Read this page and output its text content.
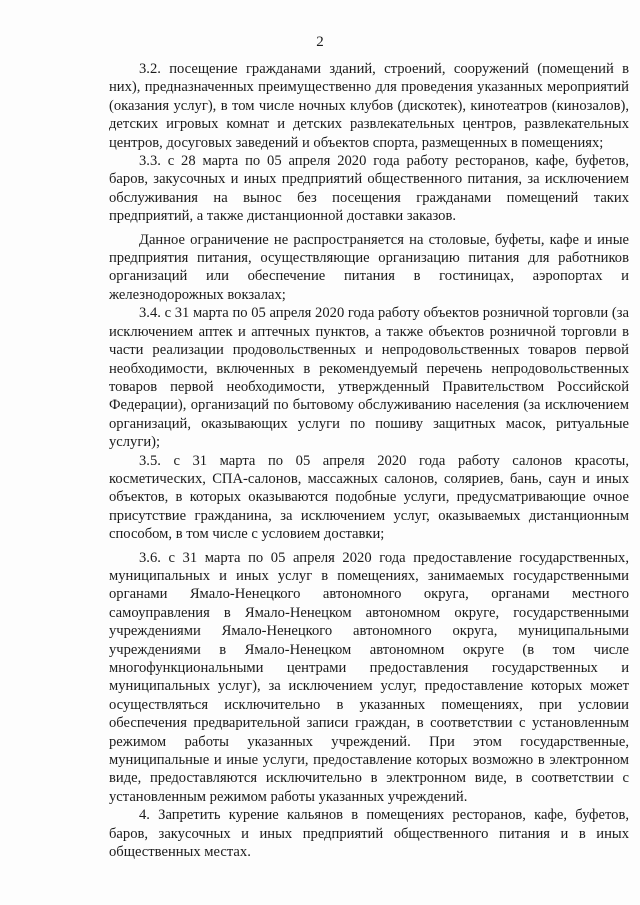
2

3.2. посещение гражданами зданий, строений, сооружений (помещений в них), предназначенных преимущественно для проведения указанных мероприятий (оказания услуг), в том числе ночных клубов (дискотек), кинотеатров (кинозалов), детских игровых комнат и детских развлекательных центров, развлекательных центров, досуговых заведений и объектов спорта, размещенных в помещениях;

3.3. с 28 марта по 05 апреля 2020 года работу ресторанов, кафе, буфетов, баров, закусочных и иных предприятий общественного питания, за исключением обслуживания на вынос без посещения гражданами помещений таких предприятий, а также дистанционной доставки заказов.

Данное ограничение не распространяется на столовые, буфеты, кафе и иные предприятия питания, осуществляющие организацию питания для работников организаций или обеспечение питания в гостиницах, аэропортах и железнодорожных вокзалах;

3.4. с 31 марта по 05 апреля 2020 года работу объектов розничной торговли (за исключением аптек и аптечных пунктов, а также объектов розничной торговли в части реализации продовольственных и непродовольственных товаров первой необходимости, включенных в рекомендуемый перечень непродовольственных товаров первой необходимости, утвержденный Правительством Российской Федерации), организаций по бытовому обслуживанию населения (за исключением организаций, оказывающих услуги по пошиву защитных масок, ритуальные услуги);

3.5. с 31 марта по 05 апреля 2020 года работу салонов красоты, косметических, СПА-салонов, массажных салонов, соляриев, бань, саун и иных объектов, в которых оказываются подобные услуги, предусматривающие очное присутствие гражданина, за исключением услуг, оказываемых дистанционным способом, в том числе с условием доставки;

3.6. с 31 марта по 05 апреля 2020 года предоставление государственных, муниципальных и иных услуг в помещениях, занимаемых государственными органами Ямало-Ненецкого автономного округа, органами местного самоуправления в Ямало-Ненецком автономном округе, государственными учреждениями Ямало-Ненецкого автономного округа, муниципальными учреждениями в Ямало-Ненецком автономном округе (в том числе многофункциональными центрами предоставления государственных и муниципальных услуг), за исключением услуг, предоставление которых может осуществляться исключительно в указанных помещениях, при условии обеспечения предварительной записи граждан, в соответствии с установленным режимом работы указанных учреждений. При этом государственные, муниципальные и иные услуги, предоставление которых возможно в электронном виде, предоставляются исключительно в электронном виде, в соответствии с установленным режимом работы указанных учреждений.

4. Запретить курение кальянов в помещениях ресторанов, кафе, буфетов, баров, закусочных и иных предприятий общественного питания и в иных общественных местах.
